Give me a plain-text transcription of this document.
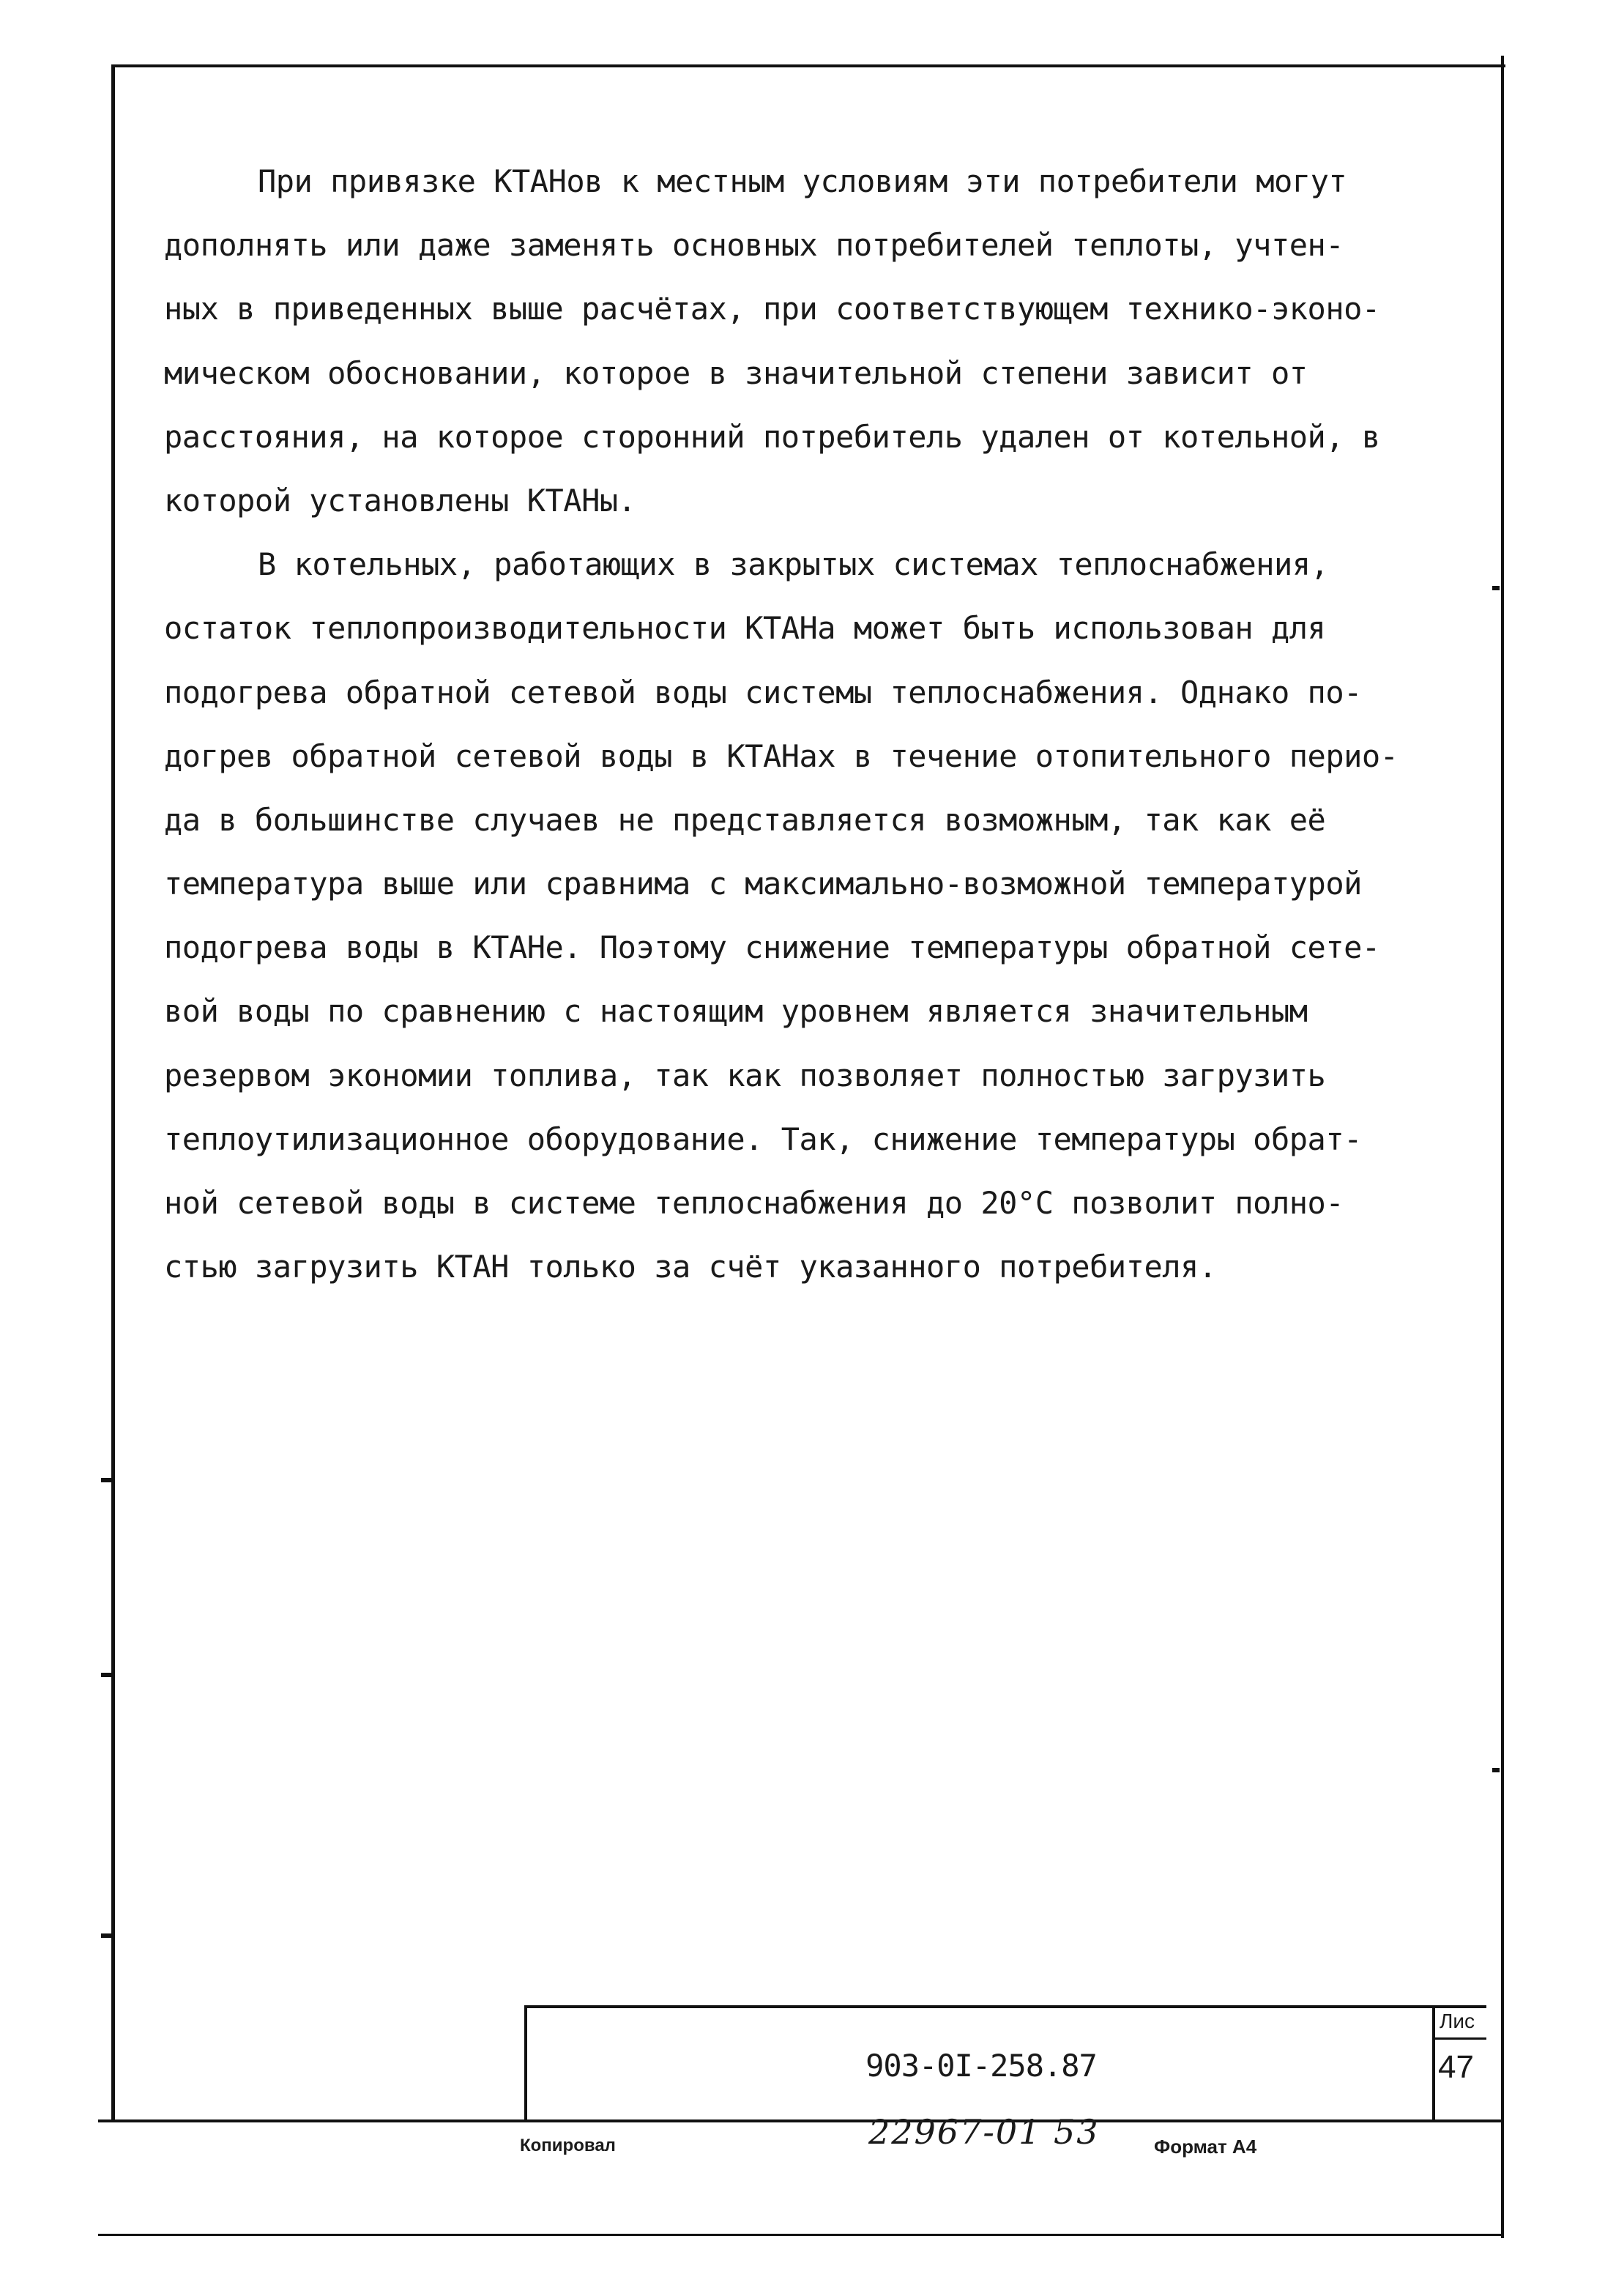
При привязке КТАНов к местным условиям эти потребители могут
дополнять или даже заменять основных потребителей теплоты, учтен-
ных в приведенных выше расчётах, при соответствующем технико-эконо-
мическом обосновании, которое в значительной степени зависит от
расстояния, на которое сторонний потребитель удален от котельной, в
которой установлены КТАНы.
В котельных, работающих в закрытых системах теплоснабжения,
остаток теплопроизводительности КТАНа может быть использован для
подогрева обратной сетевой воды системы теплоснабжения. Однако по-
догрев обратной сетевой воды в КТАНах в течение отопительного перио-
да в большинстве случаев не представляется возможным, так как её
температура выше или сравнима с максимально-возможной температурой
подогрева воды в КТАНе. Поэтому снижение температуры обратной сете-
вой воды по сравнению с настоящим уровнем является значительным
резервом экономии топлива, так как позволяет полностью загрузить
теплоутилизационное оборудование. Так, снижение температуры обрат-
ной сетевой воды в системе теплоснабжения до 20°С позволит полно-
стью загрузить КТАН только за счёт указанного потребителя.
903-0I-258.87
Лис
47
Копировал	22967-01 53	Формат А4
